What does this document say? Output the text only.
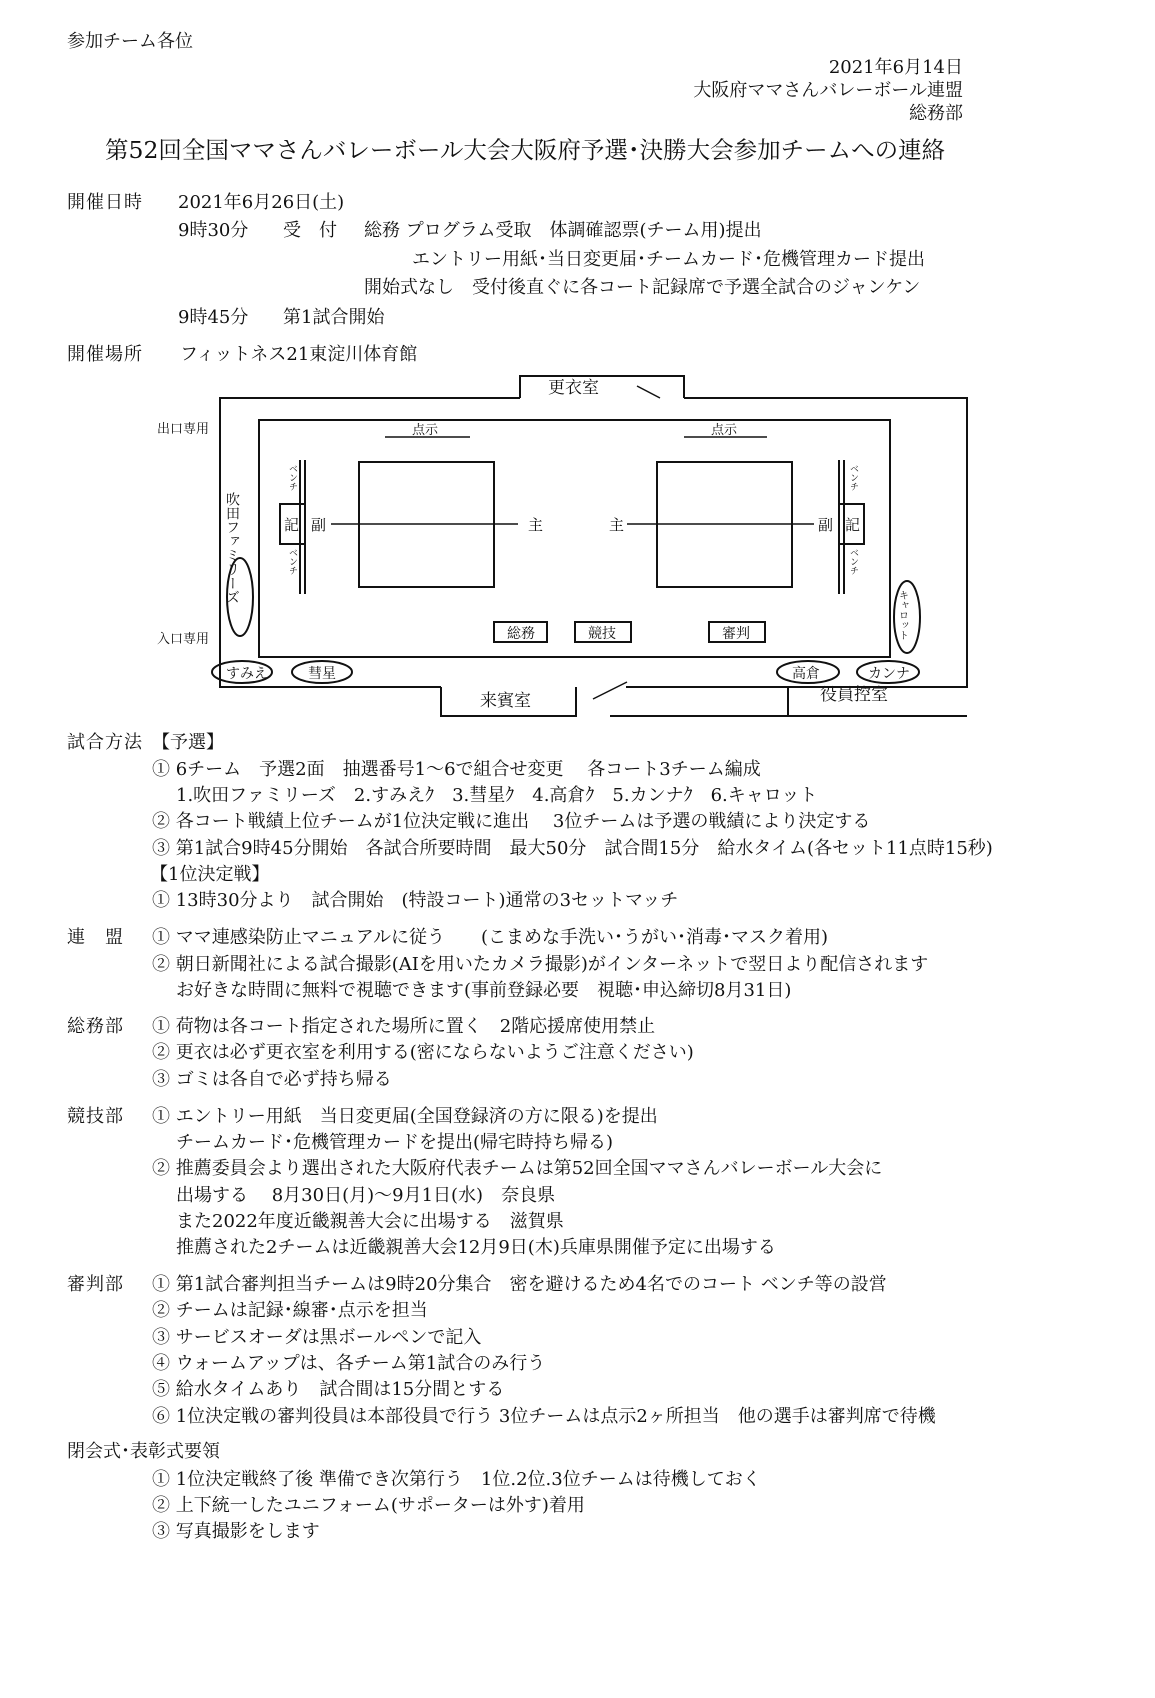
参加チーム各位
2021年6月14日
大阪府ママさんバレーボール連盟
総務部
第52回全国ママさんバレーボール大会大阪府予選･決勝大会参加チームへの連絡
開催日時 2021年6月26日(土)
9時30分 受　付 総務 プログラム受取　体調確認票(チーム用)提出
エントリー用紙･当日変更届･チームカード･危機管理カード提出
開始式なし　受付後直ぐに各コート記録席で予選全試合のジャンケン
9時45分 第1試合開始
開催場所 フィットネス21東淀川体育館
更衣室
出口専用
入口専用
点示	点示
ベンチ
ベンチ
ベンチ
ベンチ
記	記
副	副
主	主
吹田ファミリーズ
キャロット
すみえ	彗星	高倉	カンナ
総務	競技	審判
来賓室	役員控室
試合方法 【予選】
① 6チーム　予選2面　抽選番号1～6で組合せ変更　 各コート3チーム編成
1.吹田ファミリーズ　2.すみえｸ　3.彗星ｸ　4.高倉ｸ　5.カンナｸ　6.キャロット
② 各コート戦績上位チームが1位決定戦に進出　 3位チームは予選の戦績により決定する
③ 第1試合9時45分開始　各試合所要時間　最大50分　試合間15分　給水タイム(各セット11点時15秒)
【1位決定戦】
① 13時30分より　試合開始　(特設コート)通常の3セットマッチ
連　盟 ① ママ連感染防止マニュアルに従う　　(こまめな手洗い･うがい･消毒･マスク着用)
② 朝日新聞社による試合撮影(AIを用いたカメラ撮影)がインターネットで翌日より配信されます
お好きな時間に無料で視聴できます(事前登録必要　視聴･申込締切8月31日)
総務部 ① 荷物は各コート指定された場所に置く　2階応援席使用禁止
② 更衣は必ず更衣室を利用する(密にならないようご注意ください)
③ ゴミは各自で必ず持ち帰る
競技部 ① エントリー用紙　当日変更届(全国登録済の方に限る)を提出
チームカード･危機管理カードを提出(帰宅時持ち帰る)
② 推薦委員会より選出された大阪府代表チームは第52回全国ママさんバレーボール大会に
出場する　 8月30日(月)～9月1日(水)　奈良県
また2022年度近畿親善大会に出場する　滋賀県
推薦された2チームは近畿親善大会12月9日(木)兵庫県開催予定に出場する
審判部 ① 第1試合審判担当チームは9時20分集合　密を避けるため4名でのコート ベンチ等の設営
② チームは記録･線審･点示を担当
③ サービスオーダは黒ボールペンで記入
④ ウォームアップは、各チーム第1試合のみ行う
⑤ 給水タイムあり　試合間は15分間とする
⑥ 1位決定戦の審判役員は本部役員で行う 3位チームは点示2ヶ所担当　他の選手は審判席で待機
閉会式･表彰式要領
① 1位決定戦終了後 準備でき次第行う　1位.2位.3位チームは待機しておく
② 上下統一したユニフォーム(サポーターは外す)着用
③ 写真撮影をします
